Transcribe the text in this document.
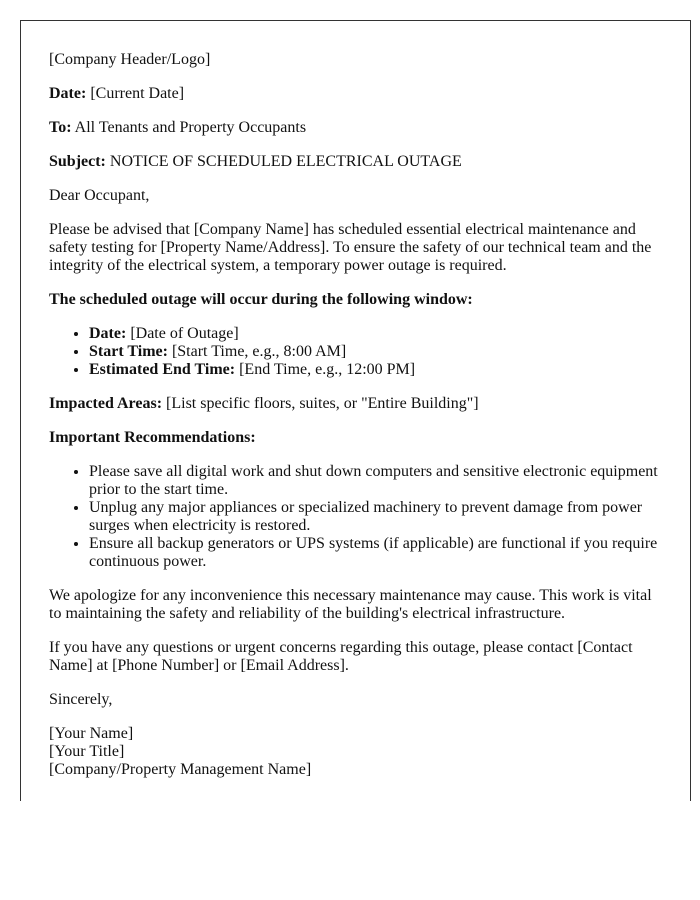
[Company Header/Logo]

Date: [Current Date]

To: All Tenants and Property Occupants

Subject: NOTICE OF SCHEDULED ELECTRICAL OUTAGE

Dear Occupant,

Please be advised that [Company Name] has scheduled essential electrical maintenance and safety testing for [Property Name/Address]. To ensure the safety of our technical team and the integrity of the electrical system, a temporary power outage is required.

The scheduled outage will occur during the following window:

• Date: [Date of Outage]
• Start Time: [Start Time, e.g., 8:00 AM]
• Estimated End Time: [End Time, e.g., 12:00 PM]

Impacted Areas: [List specific floors, suites, or "Entire Building"]

Important Recommendations:

• Please save all digital work and shut down computers and sensitive electronic equipment prior to the start time.
• Unplug any major appliances or specialized machinery to prevent damage from power surges when electricity is restored.
• Ensure all backup generators or UPS systems (if applicable) are functional if you require continuous power.

We apologize for any inconvenience this necessary maintenance may cause. This work is vital to maintaining the safety and reliability of the building's electrical infrastructure.

If you have any questions or urgent concerns regarding this outage, please contact [Contact Name] at [Phone Number] or [Email Address].

Sincerely,

[Your Name]
[Your Title]
[Company/Property Management Name]
